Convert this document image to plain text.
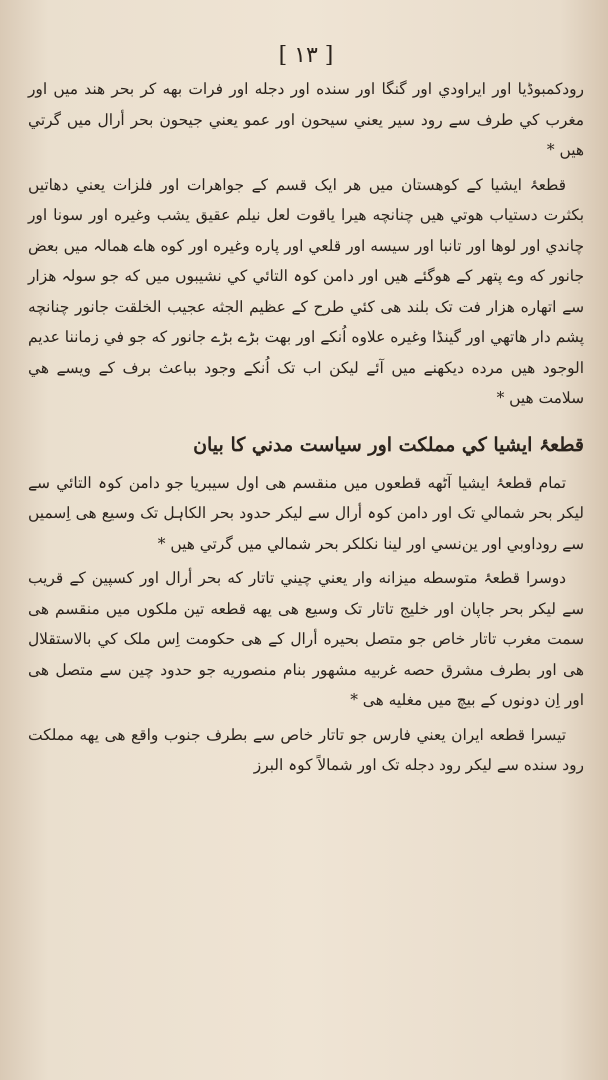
[ ١٣ ]

رودکمبوڈیا اور ایراودي اور گنگا اور سنده اور دجله اور فرات بهه کر بحر هند میں اور مغرب کي طرف سے رود سیر یعني سیحون اور عمو یعني جیحون بحر أرال میں گرتي هیں *

قطعۂ ایشیا کے کوهستان میں هر ایک قسم کے جواهرات اور فلزات یعني دهاتیں بکثرت دستیاب هوتي هیں چنانچه هیرا یاقوت لعل نیلم عقیق یشب وغیره اور سونا اور چاندي اور لوها اور تانبا اور سیسه اور قلعي اور پاره وغیره اور کوه هاے همالہ میں بعض جانور که وے پتهر کے هوگئے هیں اور دامن کوہ التائي کي نشیبوں میں که جو سولہ هزار سے اتهاره هزار فت تک بلند هی کئي طرح کے عظیم الجثه عجیب الخلقت جانور چنانچه پشم دار هاتهي اور گینڈا وغیره علاوه اُنکے اور بهت بڑے بڑے جانور که جو في زماننا عدیم الوجود هیں مرده دیکهنے میں آئے لیکن اب تک اُنکے وجود بباعث برف کے ویسے هي سلامت هیں *

قطعۂ ایشیا کي مملکت اور سیاست مدني کا بیان

تمام قطعۂ ایشیا آٹهه قطعوں میں منقسم هی اول سیبریا جو دامن کوہ التائي سے لیکر بحر شمالي تک اور دامن کوہ أرال سے لیکر حدود بحر الکاہل تک وسیع هی اِسمیں سے روداوبي اور ین‌نسي اور لینا نکلکر بحر شمالي میں گرتي هیں *

دوسرا قطعۂ متوسطه میزانه وار یعني چیني تاتار که بحر أرال اور کسپین کے قریب سے لیکر بحر جاپان اور خلیج تاتار تک وسیع هی یهه قطعه تین ملکوں میں منقسم هی سمت مغرب تاتار خاص جو متصل بحیره أرال کے هی حکومت اِس ملک کي بالاستقلال هی اور بطرف مشرق حصه غربیه مشهور بنام منصوریه جو حدود چین سے متصل هی اور اِن دونوں کے بیچ میں مغلیه هی *

تیسرا قطعه ایران یعني فارس جو تاتار خاص سے بطرف جنوب واقع هی یهه مملکت رود سنده سے لیکر رود دجله تک اور شمالاً کوہ البرز
